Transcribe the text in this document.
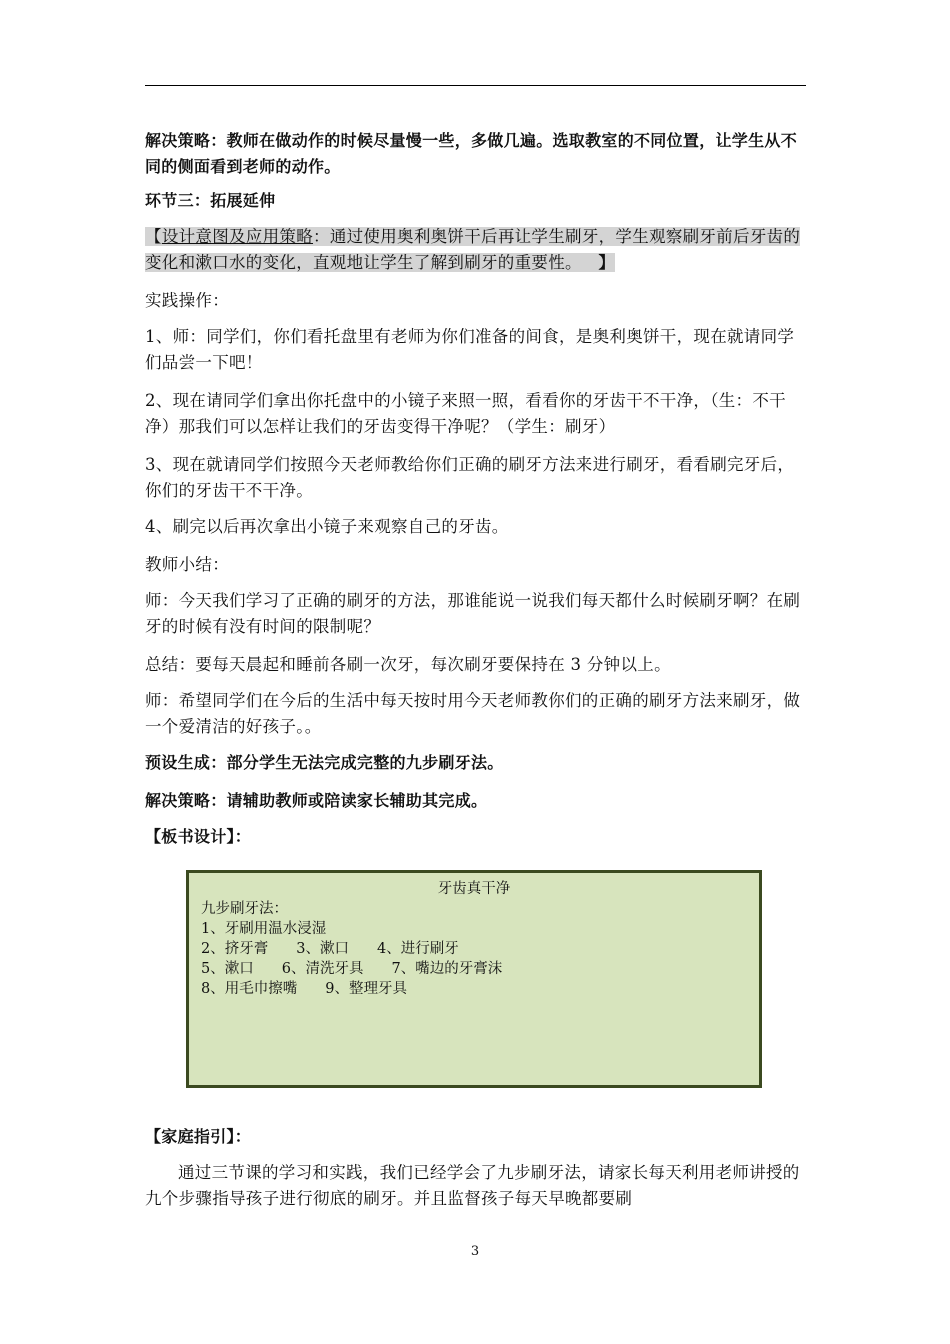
解决策略：教师在做动作的时候尽量慢一些，多做几遍。选取教室的不同位置，让学生从不同的侧面看到老师的动作。

环节三：拓展延伸

【设计意图及应用策略：通过使用奥利奥饼干后再让学生刷牙，学生观察刷牙前后牙齿的变化和漱口水的变化，直观地让学生了解到刷牙的重要性。 】

实践操作：

1、师：同学们，你们看托盘里有老师为你们准备的间食，是奥利奥饼干，现在就请同学们品尝一下吧！

2、现在请同学们拿出你托盘中的小镜子来照一照，看看你的牙齿干不干净，（生：不干净）那我们可以怎样让我们的牙齿变得干净呢？（学生：刷牙）

3、现在就请同学们按照今天老师教给你们正确的刷牙方法来进行刷牙，看看刷完牙后，你们的牙齿干不干净。

4、刷完以后再次拿出小镜子来观察自己的牙齿。

教师小结：

师：今天我们学习了正确的刷牙的方法，那谁能说一说我们每天都什么时候刷牙啊？在刷牙的时候有没有时间的限制呢？

总结：要每天晨起和睡前各刷一次牙，每次刷牙要保持在 3 分钟以上。

师：希望同学们在今后的生活中每天按时用今天老师教你们的正确的刷牙方法来刷牙，做一个爱清洁的好孩子。。

预设生成：部分学生无法完成完整的九步刷牙法。

解决策略：请辅助教师或陪读家长辅助其完成。

【板书设计】：

牙齿真干净
九步刷牙法：
1、牙刷用温水浸湿
2、挤牙膏 3、漱口 4、进行刷牙
5、漱口 6、清洗牙具 7、嘴边的牙膏沫
8、用毛巾擦嘴 9、整理牙具

【家庭指引】：

通过三节课的学习和实践，我们已经学会了九步刷牙法，请家长每天利用老师讲授的九个步骤指导孩子进行彻底的刷牙。并且监督孩子每天早晚都要刷

3
